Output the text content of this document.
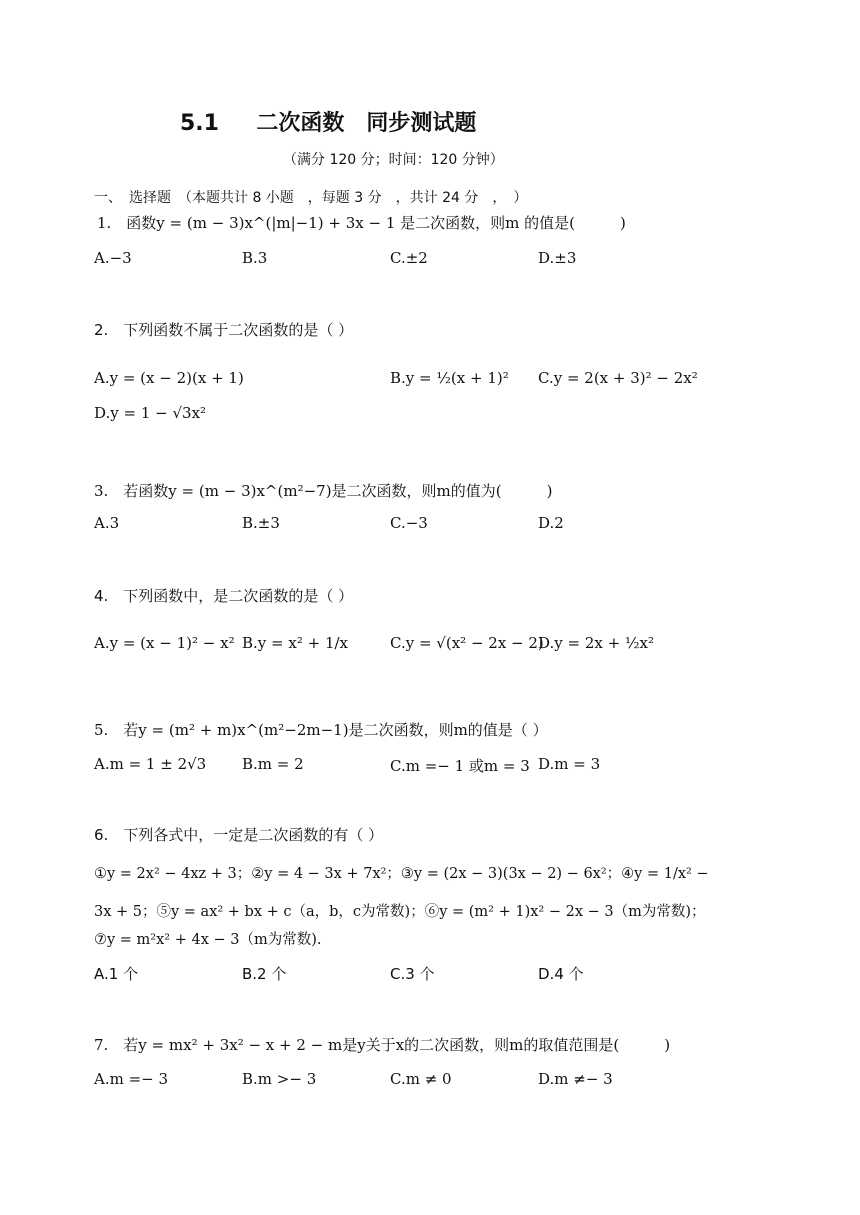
5.1 二次函数　同步测试题
（满分 120 分；时间：120 分钟）
一、　选择题　（本题共计 8 小题　，每题 3 分　，共计 24 分　，　）
1.　函数y = (m − 3)x^(|m|−1) + 3x − 1 是二次函数，则m 的值是(　　　)
A.−3	B.3	C.±2	D.±3
2.　下列函数不属于二次函数的是（ ）
A.y = (x − 2)(x + 1)	B.y = ½(x + 1)² C.y = 2(x + 3)² − 2x²
D.y = 1 − √3x²
3.　若函数y = (m − 3)x^(m²−7)是二次函数，则m的值为(　　　)
A.3	B.±3	C.−3	D.2
4.　下列函数中，是二次函数的是（ ）
A.y = (x − 1)² − x² B.y = x² + 1/x	C.y = √(x² − 2x − 2)
D.y = 2x + ½x²
5.　若y = (m² + m)x^(m²−2m−1)是二次函数，则m的值是（ ）
A.m = 1 ± 2√3 B.m = 2	C.m =− 1 或m = 3 D.m = 3
6.　下列各式中，一定是二次函数的有（ ）
①y = 2x² − 4xz + 3；②y = 4 − 3x + 7x²；③y = (2x − 3)(3x − 2) − 6x²；④y = 1/x² −
3x + 5；⑤y = ax² + bx + c（a，b，c为常数)；⑥y = (m² + 1)x² − 2x − 3（m为常数)；
⑦y = m²x² + 4x − 3（m为常数).
A.1 个	B.2 个	C.3 个	D.4 个
7.　若y = mx² + 3x² − x + 2 − m是y关于x的二次函数，则m的取值范围是(　　　)
A.m =− 3	B.m >− 3	C.m ≠ 0	D.m ≠− 3
